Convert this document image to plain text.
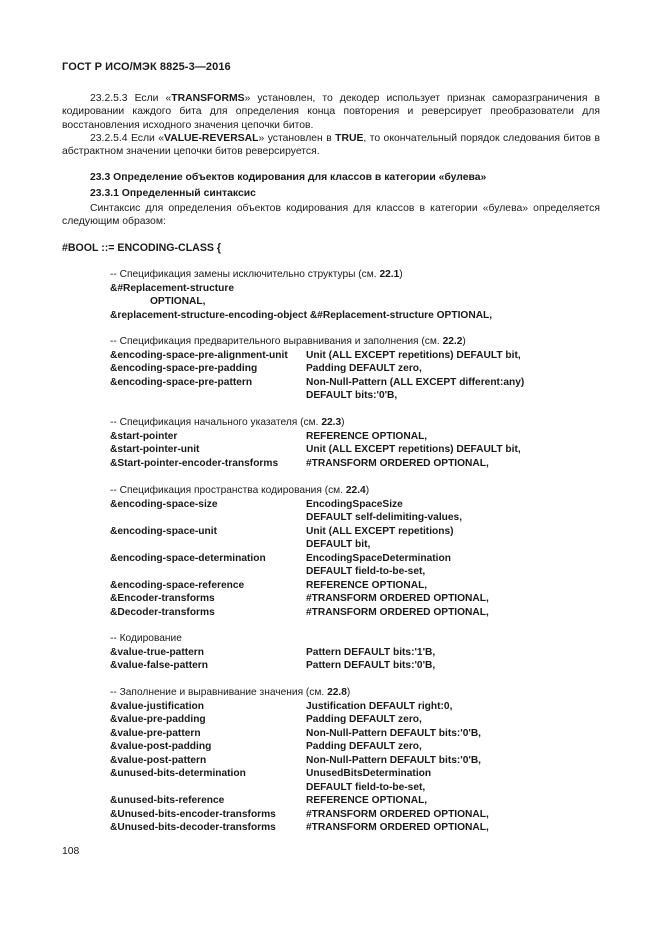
ГОСТ Р ИСО/МЭК 8825-3—2016
23.2.5.3 Если «TRANSFORMS» установлен, то декодер использует признак саморазграничения в кодировании каждого бита для определения конца повторения и реверсирует преобразователи для восстановления исходного значения цепочки битов.
23.2.5.4 Если «VALUE-REVERSAL» установлен в TRUE, то окончательный порядок следования битов в абстрактном значении цепочки битов реверсируется.
23.3 Определение объектов кодирования для классов в категории «булева»
23.3.1 Определенный синтаксис
Синтаксис для определения объектов кодирования для классов в категории «булева» определяется следующим образом:
#BOOL ::= ENCODING-CLASS {
-- Спецификация замены исключительно структуры (см. 22.1)
&#Replacement-structure
OPTIONAL,
&replacement-structure-encoding-object &#Replacement-structure OPTIONAL,
-- Спецификация предварительного выравнивания и заполнения (см. 22.2)
&encoding-space-pre-alignment-unit Unit (ALL EXCEPT repetitions) DEFAULT bit,
&encoding-space-pre-padding	Padding DEFAULT zero,
&encoding-space-pre-pattern	Non-Null-Pattern (ALL EXCEPT different:any)
DEFAULT bits:'0'B,
-- Спецификация начального указателя (см. 22.3)
&start-pointer	REFERENCE OPTIONAL,
&start-pointer-unit	Unit (ALL EXCEPT repetitions) DEFAULT bit,
&Start-pointer-encoder-transforms	#TRANSFORM ORDERED OPTIONAL,
-- Спецификация пространства кодирования (см. 22.4)
&encoding-space-size	EncodingSpaceSize
DEFAULT self-delimiting-values,
&encoding-space-unit	Unit (ALL EXCEPT repetitions)
DEFAULT bit,
&encoding-space-determination	EncodingSpaceDetermination
DEFAULT field-to-be-set,
&encoding-space-reference	REFERENCE OPTIONAL,
&Encoder-transforms	#TRANSFORM ORDERED OPTIONAL,
&Decoder-transforms	#TRANSFORM ORDERED OPTIONAL,
-- Кодирование
&value-true-pattern	Pattern DEFAULT bits:'1'B,
&value-false-pattern	Pattern DEFAULT bits:'0'B,
-- Заполнение и выравнивание значения (см. 22.8)
&value-justification	Justification DEFAULT right:0,
&value-pre-padding	Padding DEFAULT zero,
&value-pre-pattern	Non-Null-Pattern DEFAULT bits:'0'B,
&value-post-padding	Padding DEFAULT zero,
&value-post-pattern	Non-Null-Pattern DEFAULT bits:'0'B,
&unused-bits-determination	UnusedBitsDetermination
DEFAULT field-to-be-set,
&unused-bits-reference	REFERENCE OPTIONAL,
&Unused-bits-encoder-transforms	#TRANSFORM ORDERED OPTIONAL,
&Unused-bits-decoder-transforms	#TRANSFORM ORDERED OPTIONAL,
108
